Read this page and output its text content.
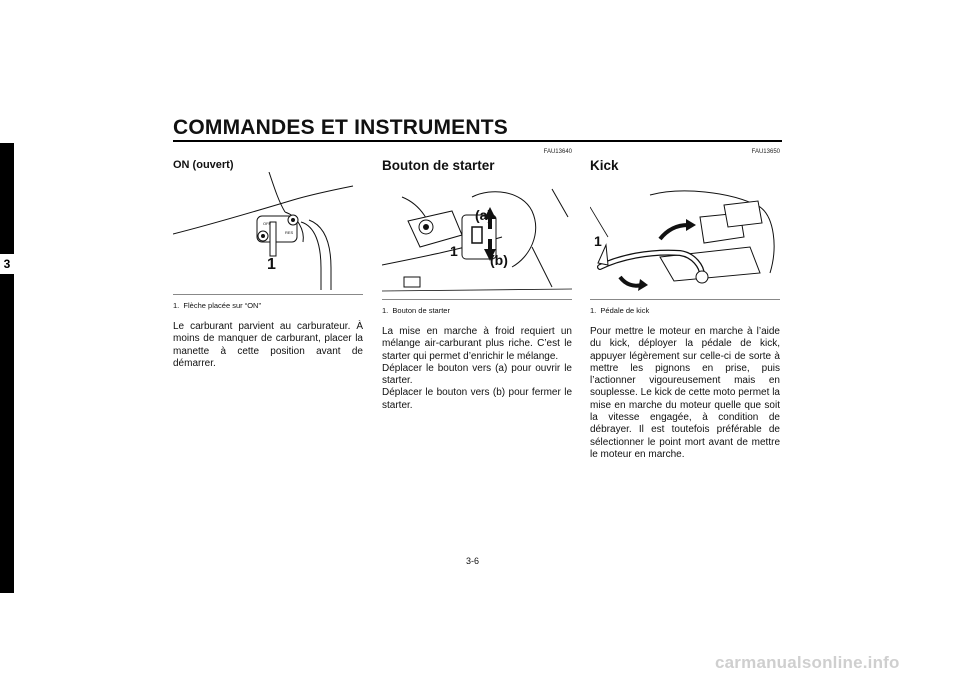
COMMANDES ET INSTRUMENTS
3
ON (ouvert)
OFF
RES
1
1.  Flèche placée sur “ON”
Le carburant parvient au carburateur. À moins de manquer de carburant, placer la manette à cette position avant de démarrer.
FAU13640
Bouton de starter
(a)
1
(b)
1.  Bouton de starter

La mise en marche à froid requiert un mélange air-carburant plus riche. C’est le starter qui permet d’enrichir le mélange.

Déplacer le bouton vers (a) pour ouvrir le starter.

Déplacer le bouton vers (b) pour fermer le starter.

FAU13650
Kick
1
1.  Pédale de kick
Pour mettre le moteur en marche à l’aide du kick, déployer la pédale de kick, appuyer légèrement sur celle-ci de sorte à mettre les pignons en prise, puis l’actionner vigoureusement mais en souplesse. Le kick de cette moto permet la mise en marche du moteur quelle que soit la vitesse engagée, à condition de débrayer. Il est toutefois préférable de sélectionner le point mort avant de mettre le moteur en marche.
3-6
carmanualsonline.info
